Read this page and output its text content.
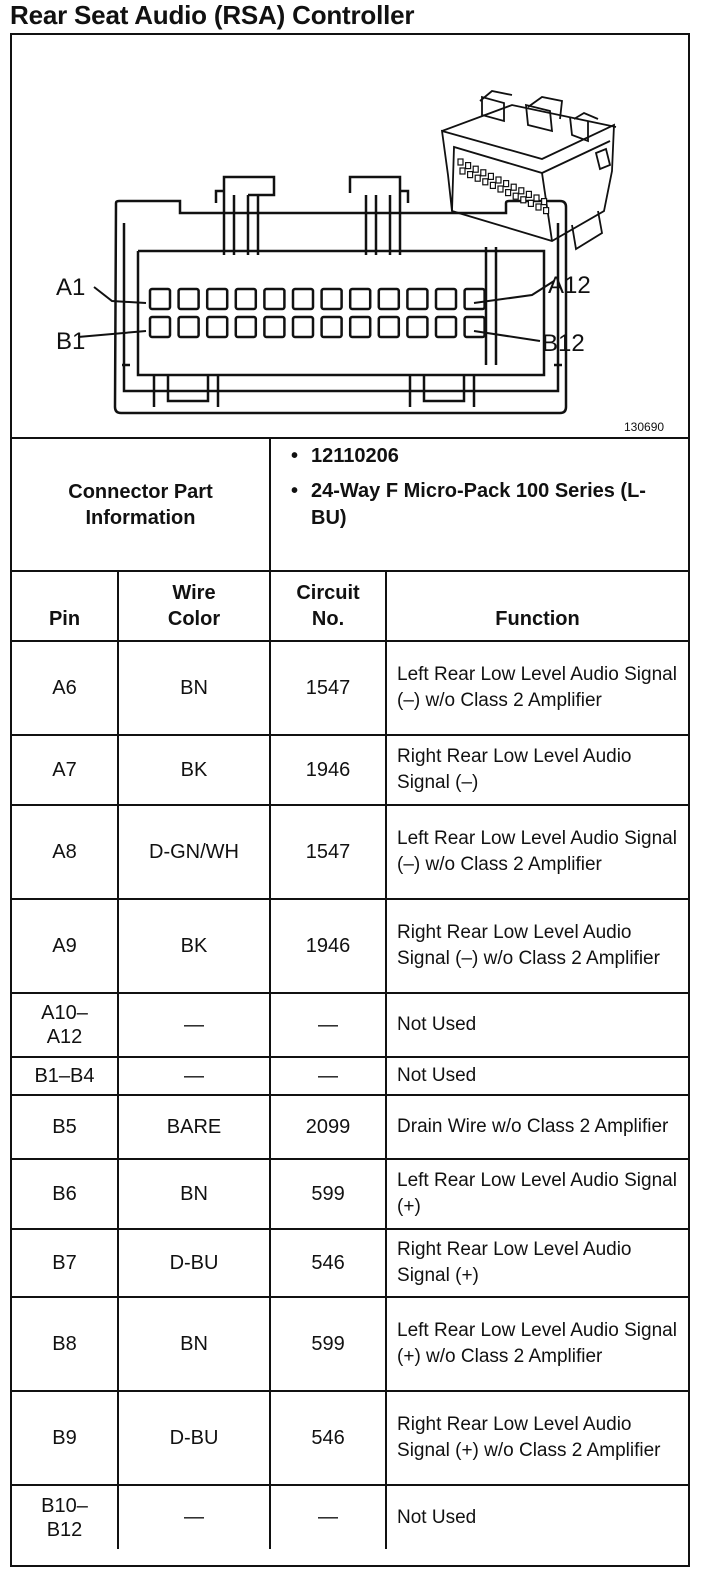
Rear Seat Audio (RSA) Controller
A1	A12
B1	B12
130690
Connector Part Information		• 12110206
• 24-Way F Micro-Pack 100 Series (L-BU)	

Pin	Wire Color	Circuit No.	Function
A6	BN	1547	Left Rear Low Level Audio Signal (–) w/o Class 2 Amplifier
A7	BK	1946	Right Rear Low Level Audio Signal (–)
A8	D-GN/WH	1547	Left Rear Low Level Audio Signal (–) w/o Class 2 Amplifier
A9	BK	1946	Right Rear Low Level Audio Signal (–) w/o Class 2 Amplifier
A10–A12	—	—	Not Used
B1–B4	—	—	Not Used
B5	BARE	2099	Drain Wire w/o Class 2 Amplifier
B6	BN	599	Left Rear Low Level Audio Signal (+)
B7	D-BU	546	Right Rear Low Level Audio Signal (+)
B8	BN	599	Left Rear Low Level Audio Signal (+) w/o Class 2 Amplifier
B9	D-BU	546	Right Rear Low Level Audio Signal (+) w/o Class 2 Amplifier
B10–B12	—	—	Not Used
